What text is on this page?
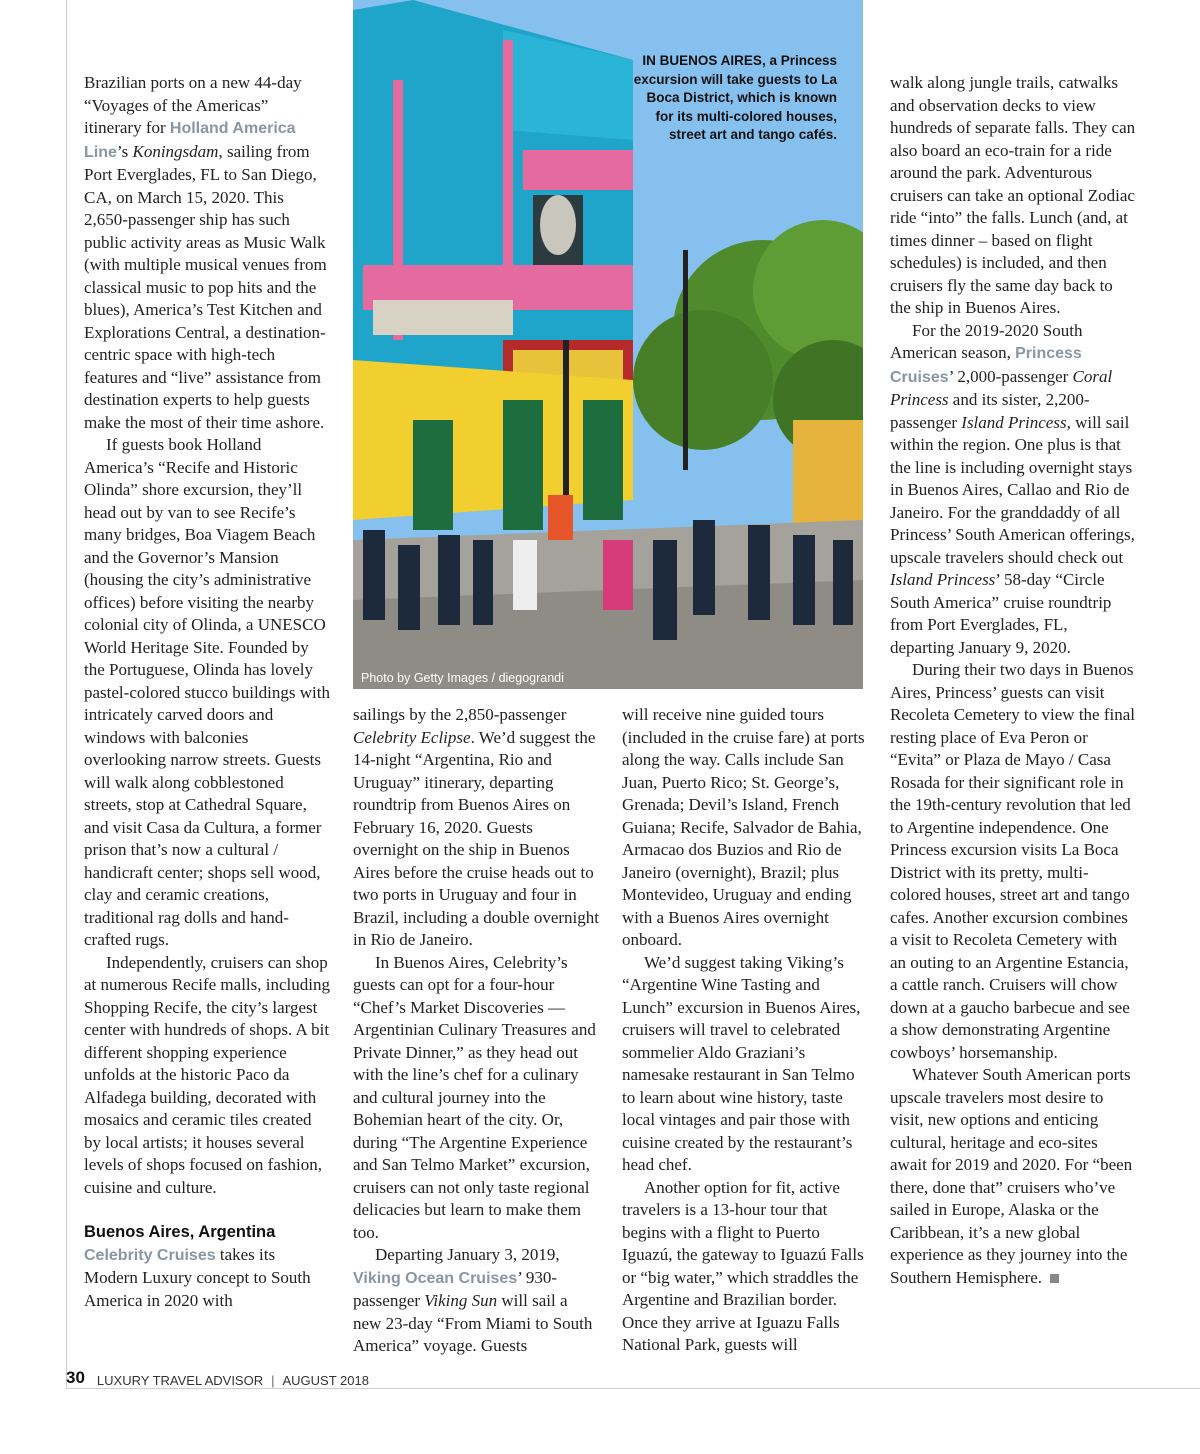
Brazilian ports on a new 44-day “Voyages of the Americas” itinerary for Holland America Line’s Koningsdam, sailing from Port Everglades, FL to San Diego, CA, on March 15, 2020. This 2,650-passenger ship has such public activity areas as Music Walk (with multiple musical venues from classical music to pop hits and the blues), America’s Test Kitchen and Explorations Central, a destination-centric space with high-tech features and “live” assistance from destination experts to help guests make the most of their time ashore.

If guests book Holland America’s “Recife and Historic Olinda” shore excursion, they’ll head out by van to see Recife’s many bridges, Boa Viagem Beach and the Governor’s Mansion (housing the city’s administrative offices) before visiting the nearby colonial city of Olinda, a UNESCO World Heritage Site. Founded by the Portuguese, Olinda has lovely pastel-colored stucco buildings with intricately carved doors and windows with balconies overlooking narrow streets. Guests will walk along cobblestoned streets, stop at Cathedral Square, and visit Casa da Cultura, a former prison that’s now a cultural / handicraft center; shops sell wood, clay and ceramic creations, traditional rag dolls and hand-crafted rugs.

Independently, cruisers can shop at numerous Recife malls, including Shopping Recife, the city’s largest center with hundreds of shops. A bit different shopping experience unfolds at the historic Paco da Alfadega building, decorated with mosaics and ceramic tiles created by local artists; it houses several levels of shops focused on fashion, cuisine and culture.

Buenos Aires, Argentina

Celebrity Cruises takes its Modern Luxury concept to South America in 2020 with

IN BUENOS AIRES, a Princess excursion will take guests to La Boca District, which is known for its multi-colored houses, street art and tango cafés.
Photo by Getty Images / diegograndi

sailings by the 2,850-passenger Celebrity Eclipse. We’d suggest the 14-night “Argentina, Rio and Uruguay” itinerary, departing roundtrip from Buenos Aires on February 16, 2020. Guests overnight on the ship in Buenos Aires before the cruise heads out to two ports in Uruguay and four in Brazil, including a double overnight in Rio de Janeiro.

In Buenos Aires, Celebrity’s guests can opt for a four-hour “Chef’s Market Discoveries — Argentinian Culinary Treasures and Private Dinner,” as they head out with the line’s chef for a culinary and cultural journey into the Bohemian heart of the city. Or, during “The Argentine Experience and San Telmo Market” excursion, cruisers can not only taste regional delicacies but learn to make them too.

Departing January 3, 2019, Viking Ocean Cruises’ 930-passenger Viking Sun will sail a new 23-day “From Miami to South America” voyage. Guests

will receive nine guided tours (included in the cruise fare) at ports along the way. Calls include San Juan, Puerto Rico; St. George’s, Grenada; Devil’s Island, French Guiana; Recife, Salvador de Bahia, Armacao dos Buzios and Rio de Janeiro (overnight), Brazil; plus Montevideo, Uruguay and ending with a Buenos Aires overnight onboard.

We’d suggest taking Viking’s “Argentine Wine Tasting and Lunch” excursion in Buenos Aires, cruisers will travel to celebrated sommelier Aldo Graziani’s namesake restaurant in San Telmo to learn about wine history, taste local vintages and pair those with cuisine created by the restaurant’s head chef.

Another option for fit, active travelers is a 13-hour tour that begins with a flight to Puerto Iguazú, the gateway to Iguazú Falls or “big water,” which straddles the Argentine and Brazilian border. Once they arrive at Iguazu Falls National Park, guests will

walk along jungle trails, catwalks and observation decks to view hundreds of separate falls. They can also board an eco-train for a ride around the park. Adventurous cruisers can take an optional Zodiac ride “into” the falls. Lunch (and, at times dinner – based on flight schedules) is included, and then cruisers fly the same day back to the ship in Buenos Aires.

For the 2019-2020 South American season, Princess Cruises’ 2,000-passenger Coral Princess and its sister, 2,200-passenger Island Princess, will sail within the region. One plus is that the line is including overnight stays in Buenos Aires, Callao and Rio de Janeiro. For the granddaddy of all Princess’ South American offerings, upscale travelers should check out Island Princess’ 58-day “Circle South America” cruise roundtrip from Port Everglades, FL, departing January 9, 2020.

During their two days in Buenos Aires, Princess’ guests can visit Recoleta Cemetery to view the final resting place of Eva Peron or “Evita” or Plaza de Mayo / Casa Rosada for their significant role in the 19th-century revolution that led to Argentine independence. One Princess excursion visits La Boca District with its pretty, multi-colored houses, street art and tango cafes. Another excursion combines a visit to Recoleta Cemetery with an outing to an Argentine Estancia, a cattle ranch. Cruisers will chow down at a gaucho barbecue and see a show demonstrating Argentine cowboys’ horsemanship.

Whatever South American ports upscale travelers most desire to visit, new options and enticing cultural, heritage and eco-sites await for 2019 and 2020. For “been there, done that” cruisers who’ve sailed in Europe, Alaska or the Caribbean, it’s a new global experience as they journey into the Southern Hemisphere.

30 LUXURY TRAVEL ADVISOR | AUGUST 2018
